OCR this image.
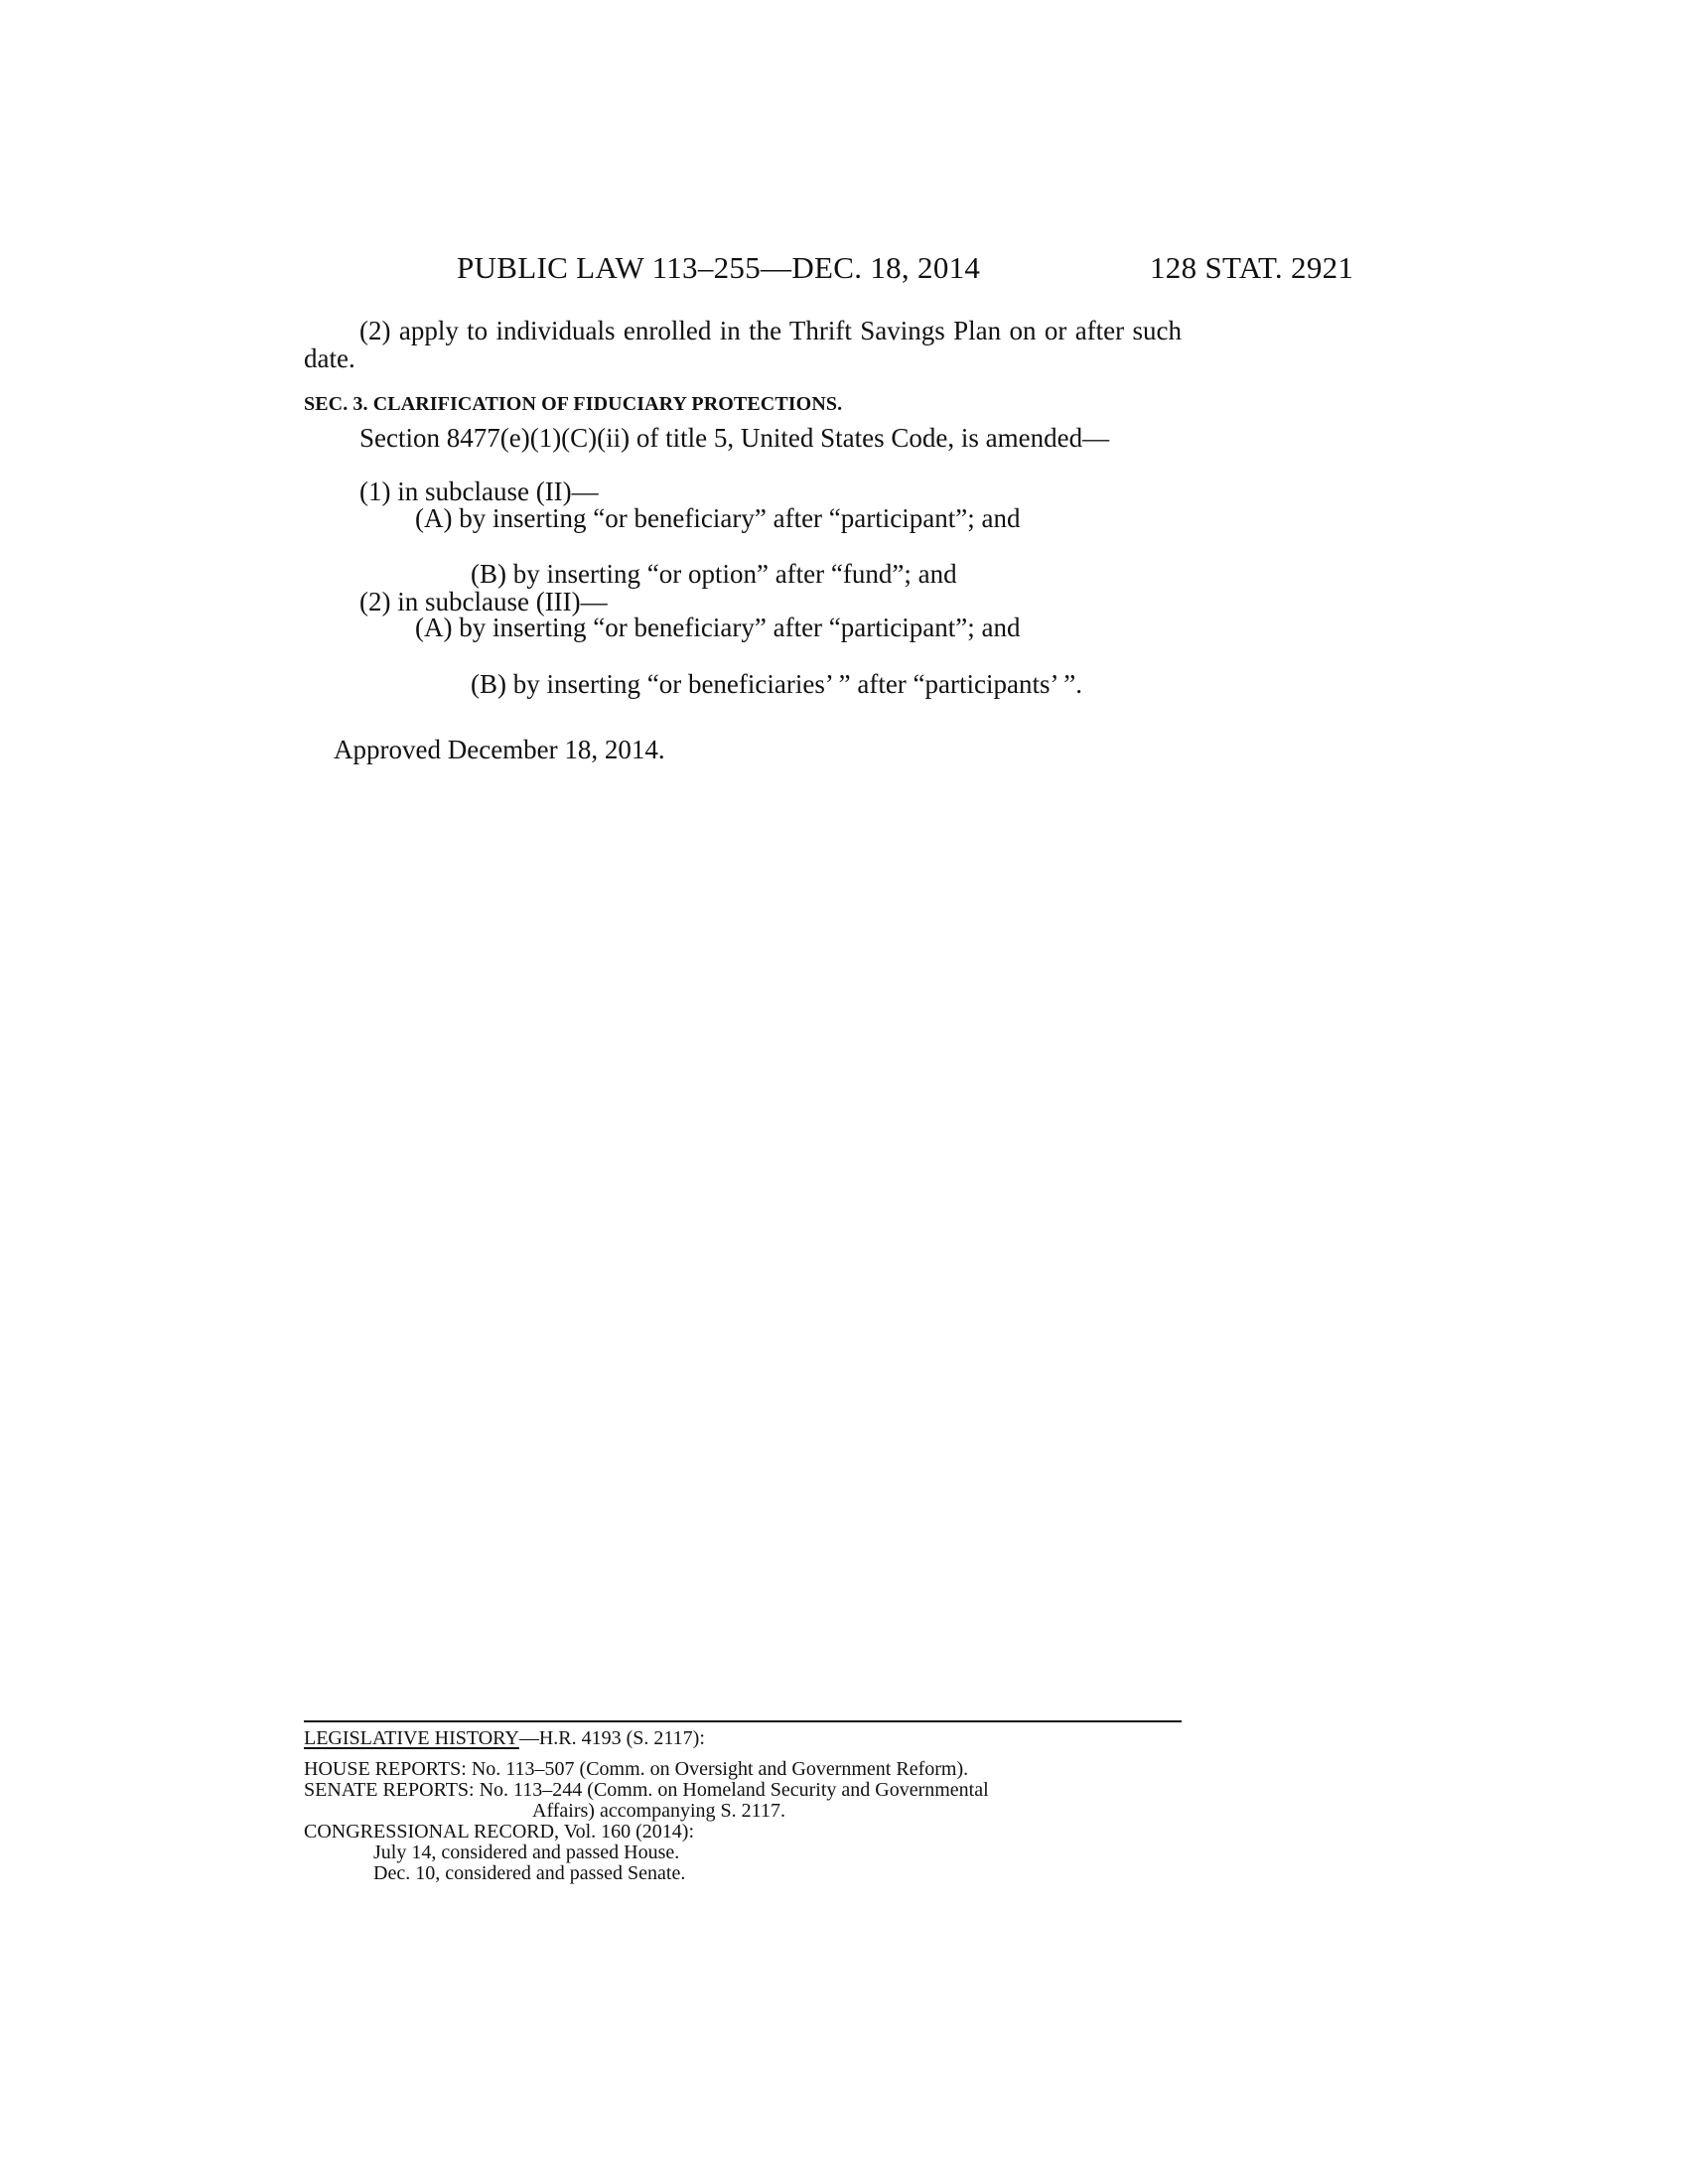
PUBLIC LAW 113–255—DEC. 18, 2014	128 STAT. 2921
(2) apply to individuals enrolled in the Thrift Savings Plan on or after such date.
SEC. 3. CLARIFICATION OF FIDUCIARY PROTECTIONS.
Section 8477(e)(1)(C)(ii) of title 5, United States Code, is amended—
(1) in subclause (II)—
(A) by inserting “or beneficiary” after “participant”; and
(B) by inserting “or option” after “fund”; and
(2) in subclause (III)—
(A) by inserting “or beneficiary” after “participant”; and
(B) by inserting “or beneficiaries’ ” after “participants’ ”.
Approved December 18, 2014.
LEGISLATIVE HISTORY—H.R. 4193 (S. 2117):
HOUSE REPORTS: No. 113–507 (Comm. on Oversight and Government Reform).
SENATE REPORTS: No. 113–244 (Comm. on Homeland Security and Governmental
Affairs) accompanying S. 2117.
CONGRESSIONAL RECORD, Vol. 160 (2014):
July 14, considered and passed House.
Dec. 10, considered and passed Senate.
